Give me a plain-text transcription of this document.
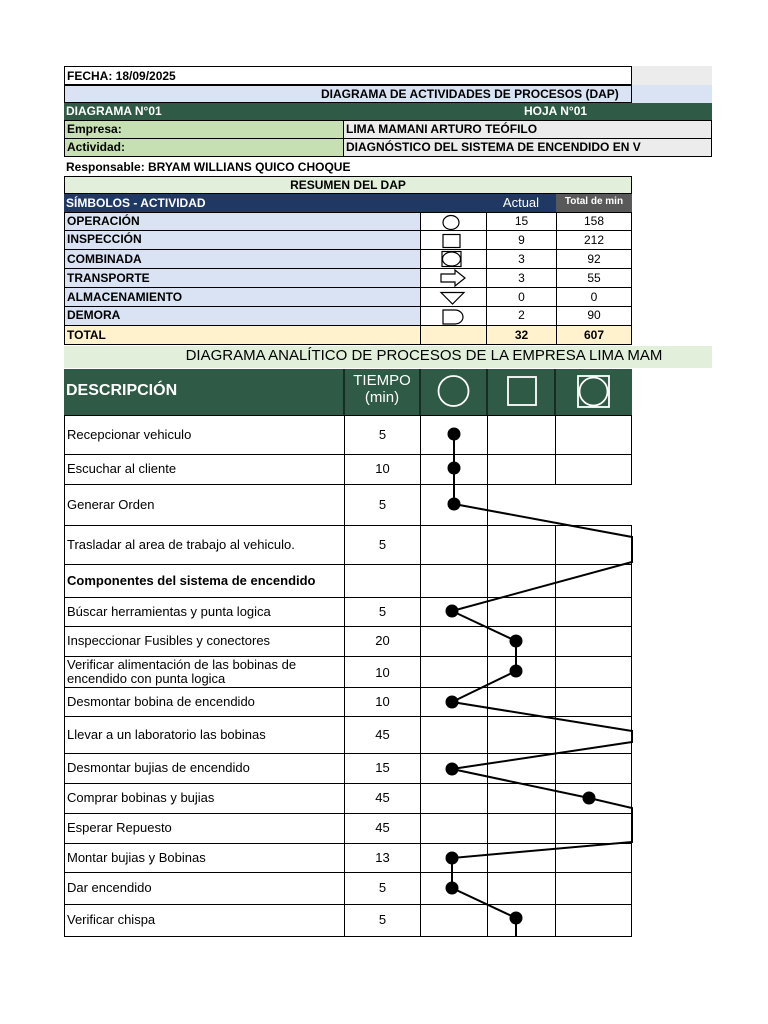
FECHA: 18/09/2025
DIAGRAMA DE ACTIVIDADES DE PROCESOS (DAP)
DIAGRAMA N°01	HOJA N°01
Empresa:	LIMA MAMANI ARTURO TEÓFILO
Actividad:	DIAGNÓSTICO DEL SISTEMA DE ENCENDIDO EN V
Responsable: BRYAM WILLIANS QUICO CHOQUE
RESUMEN DEL DAP
SÍMBOLOS - ACTIVIDAD	Actual	Total de min
OPERACIÓN	15	158
INSPECCIÓN	9	212
COMBINADA	3	92
TRANSPORTE	3	55
ALMACENAMIENTO	0	0
DEMORA	2	90
TOTAL	32	607
DIAGRAMA ANALÍTICO DE PROCESOS DE LA EMPRESA LIMA MAM
DESCRIPCIÓN
TIEMPO
(min)
Recepcionar vehiculo	5
Escuchar al cliente	10
Generar Orden	5
Trasladar al area de trabajo al vehiculo.	5
Componentes del sistema de encendido
Búscar herramientas y punta logica	5
Inspeccionar Fusibles y conectores	20
Verificar alimentación de las bobinas de
encendido con punta logica	10
Desmontar bobina de encendido	10
Llevar a un laboratorio las bobinas	45
Desmontar bujias de encendido	15
Comprar bobinas y bujias	45
Esperar Repuesto	45
Montar bujias y Bobinas	13
Dar encendido	5
Verificar chispa	5
